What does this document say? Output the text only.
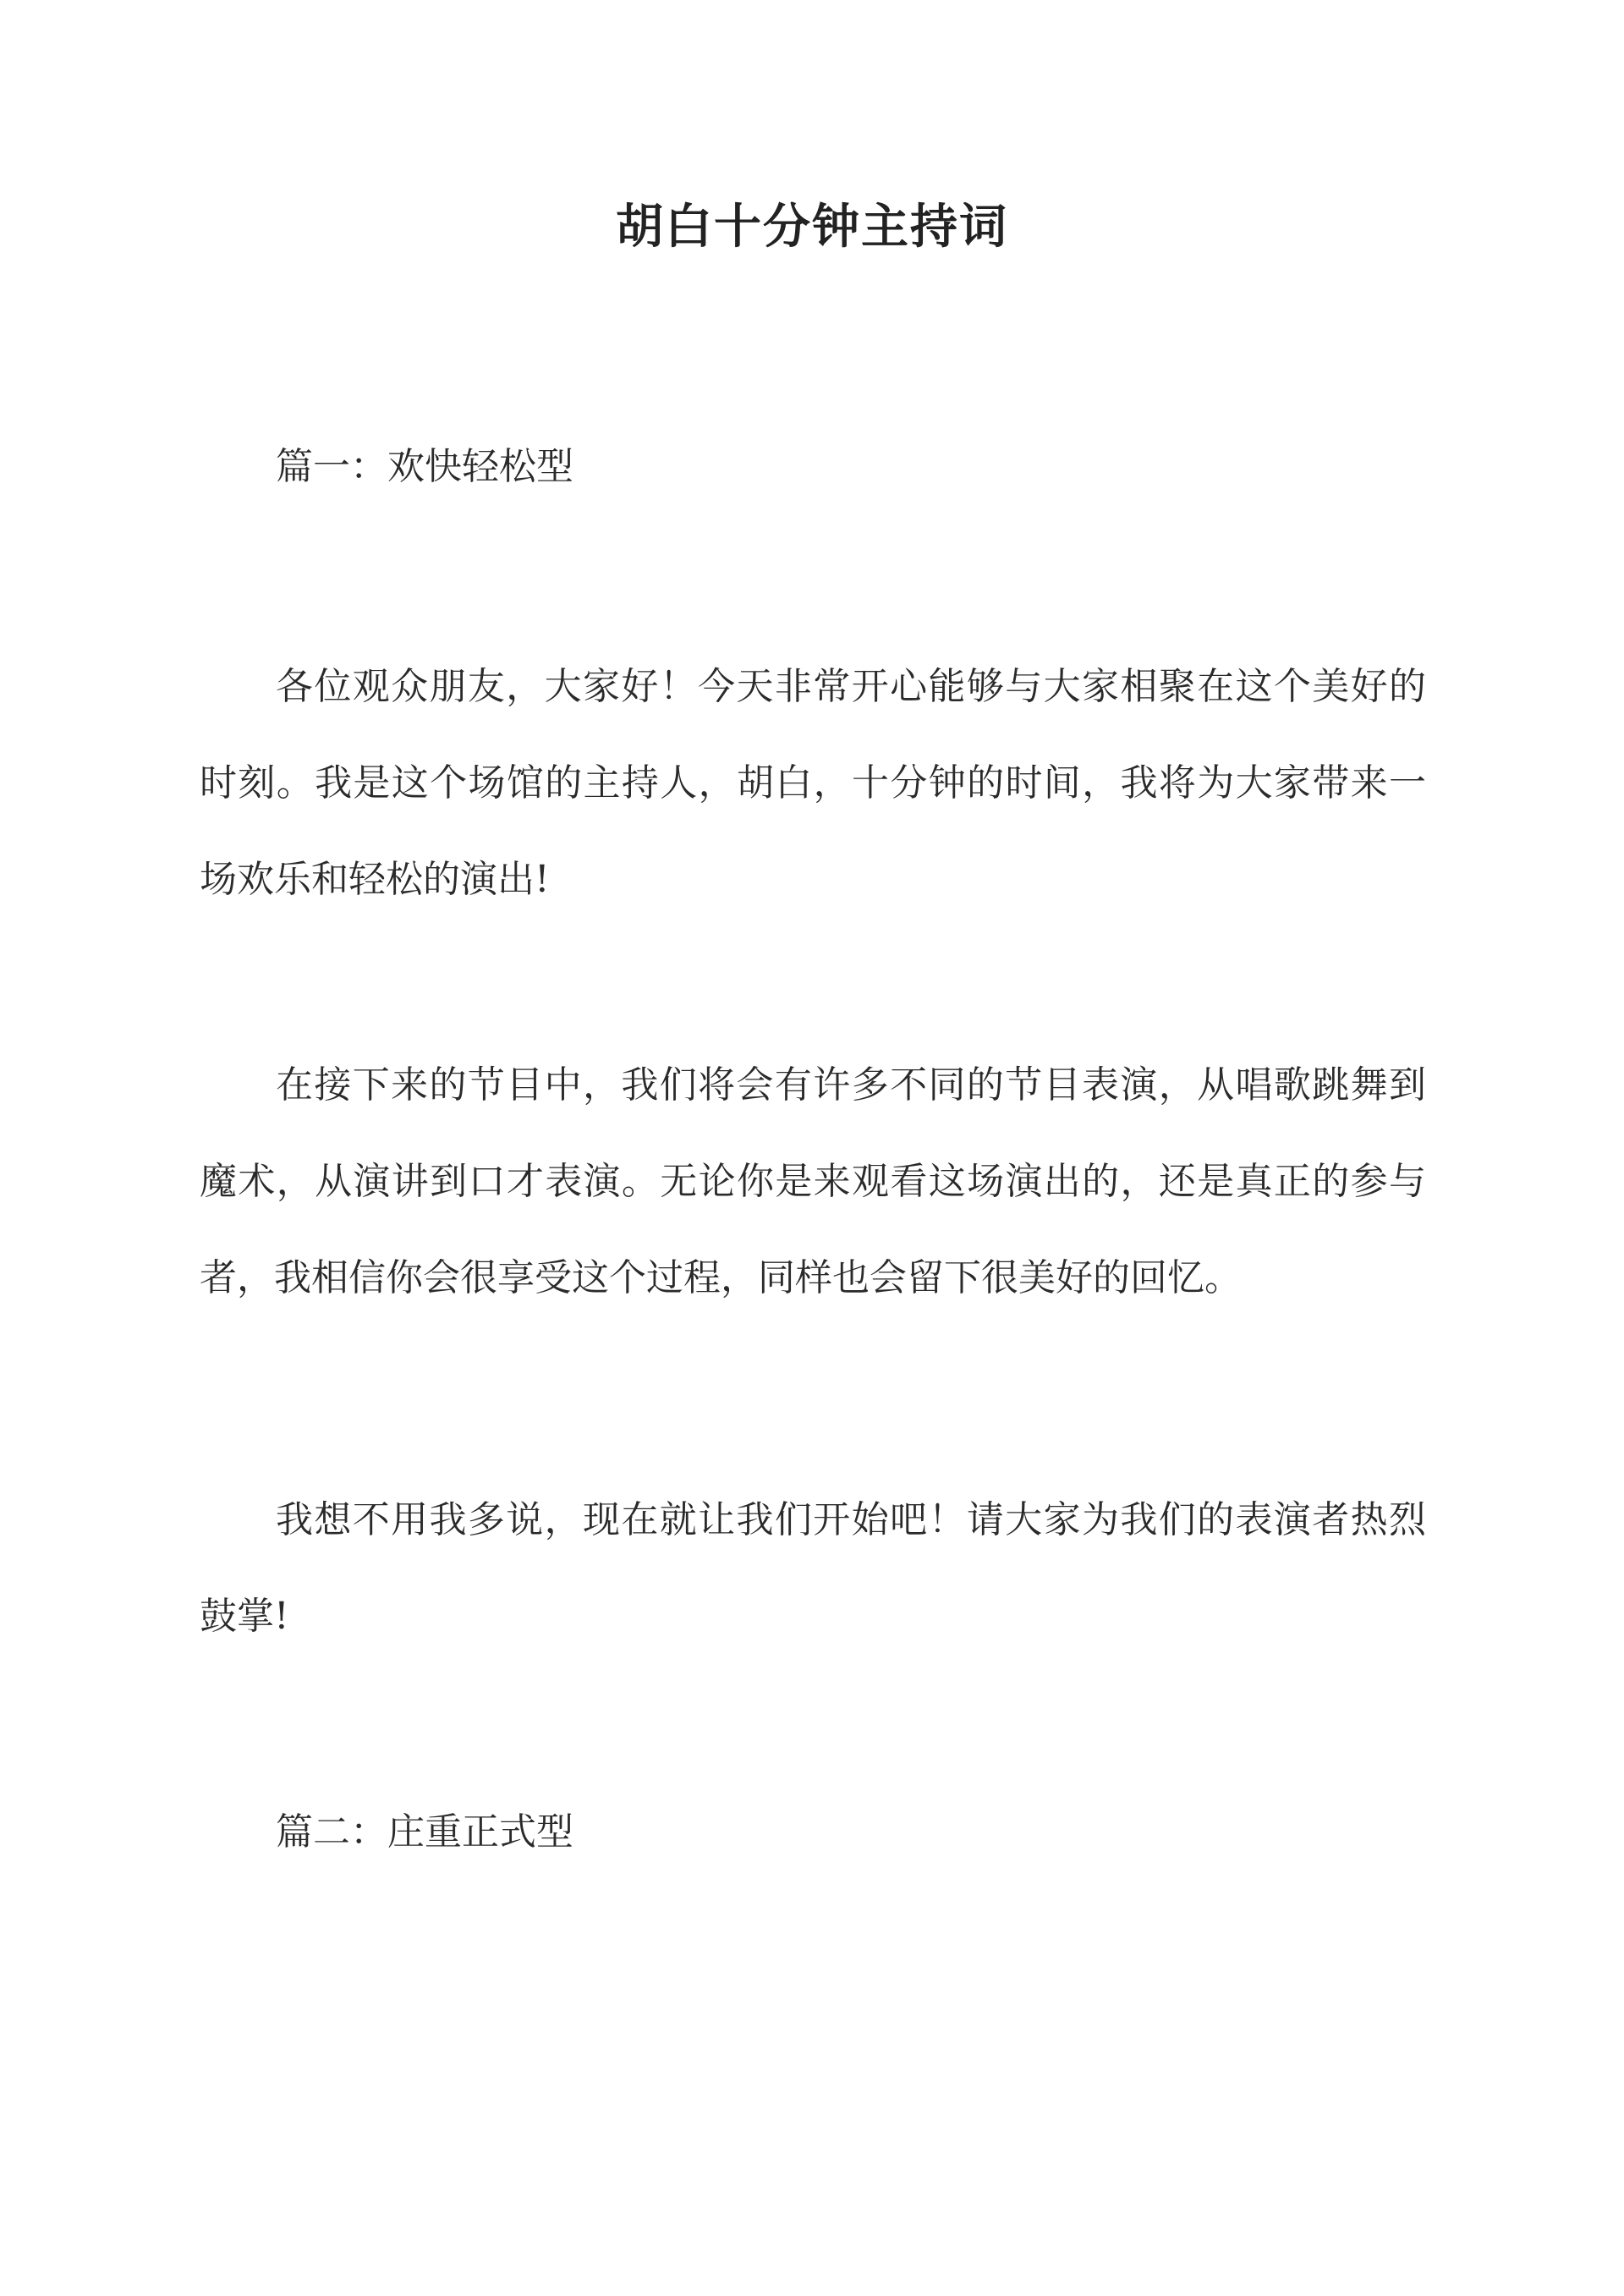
胡白十分钟主持词
篇一：欢快轻松型
各位观众朋友，大家好！今天非常开心能够与大家相聚在这个美好的时刻。我是这个场馆的主持人，胡白，十分钟的时间，我将为大家带来一场欢乐和轻松的演出!
在接下来的节目中，我们将会有许多不同的节目表演，从唱歌跳舞到魔术，从演讲到口才表演。无论你是来观看这场演出的，还是真正的参与者，我相信你会很享受这个过程，同样也会留下很美好的回忆。
我想不用我多说，现在就让我们开始吧！请大家为我们的表演者热烈鼓掌!
篇二：庄重正式型
